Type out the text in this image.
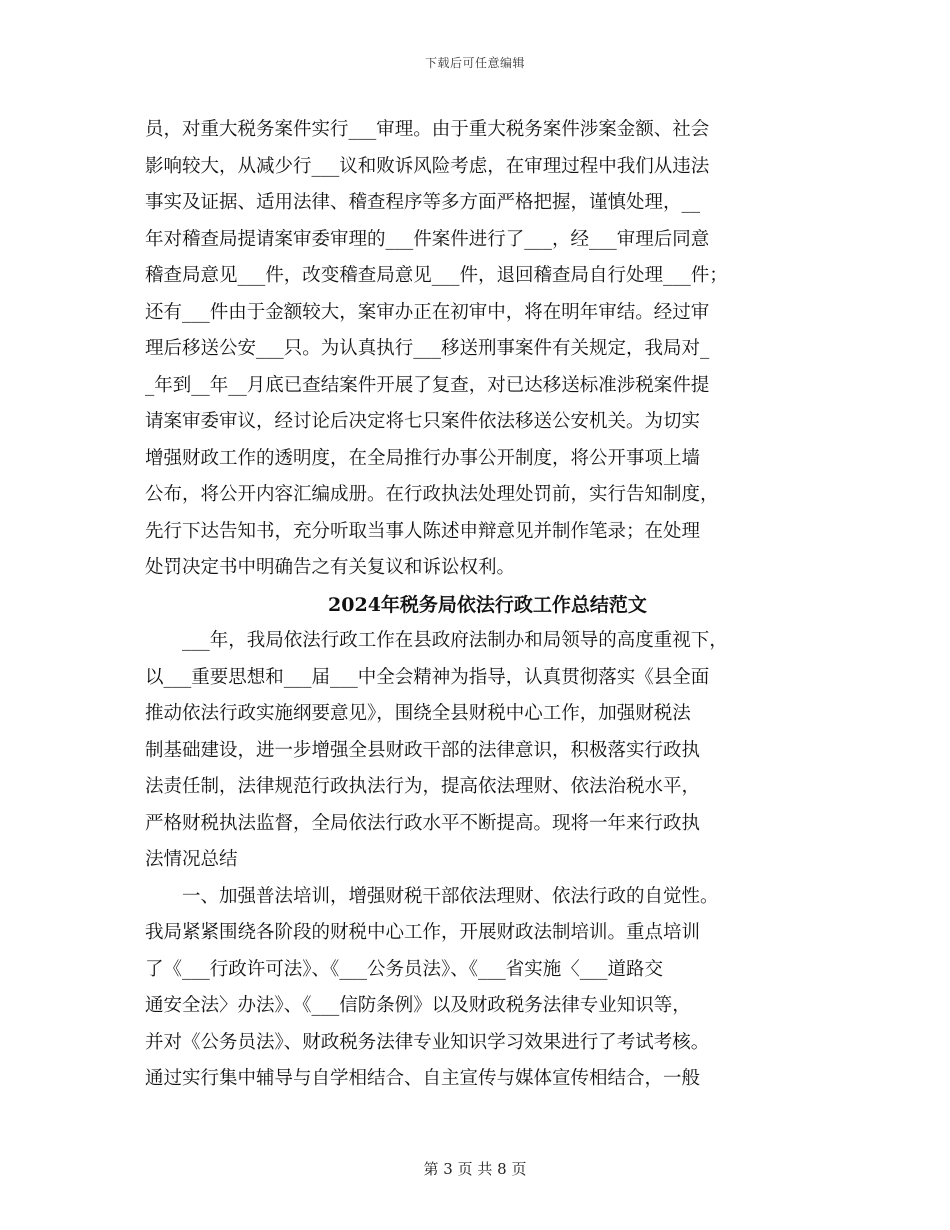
下载后可任意编辑
员，对重大税务案件实行___审理。由于重大税务案件涉案金额、社会
影响较大，从减少行___议和败诉风险考虑，在审理过程中我们从违法
事实及证据、适用法律、稽查程序等多方面严格把握，谨慎处理，__
年对稽查局提请案审委审理的___件案件进行了___，经___审理后同意
稽查局意见___件，改变稽查局意见___件，退回稽查局自行处理___件；
还有___件由于金额较大，案审办正在初审中，将在明年审结。经过审
理后移送公安___只。为认真执行___移送刑事案件有关规定，我局对_
_年到__年__月底已查结案件开展了复查，对已达移送标准涉税案件提
请案审委审议，经讨论后决定将七只案件依法移送公安机关。为切实
增强财政工作的透明度，在全局推行办事公开制度，将公开事项上墙
公布，将公开内容汇编成册。在行政执法处理处罚前，实行告知制度，
先行下达告知书，充分听取当事人陈述申辩意见并制作笔录；在处理
处罚决定书中明确告之有关复议和诉讼权利。
2024年税务局依法行政工作总结范文
　　___年，我局依法行政工作在县政府法制办和局领导的高度重视下，
以___重要思想和___届___中全会精神为指导，认真贯彻落实《县全面
推动依法行政实施纲要意见》，围绕全县财税中心工作，加强财税法
制基础建设，进一步增强全县财政干部的法律意识，积极落实行政执
法责任制，法律规范行政执法行为，提高依法理财、依法治税水平，
严格财税执法监督，全局依法行政水平不断提高。现将一年来行政执
法情况总结
　　一、加强普法培训，增强财税干部依法理财、依法行政的自觉性。
我局紧紧围绕各阶段的财税中心工作，开展财政法制培训。重点培训
了《___行政许可法》、《___公务员法》、《___省实施〈___道路交
通安全法〉办法》、《___信防条例》以及财政税务法律专业知识等，
并对《公务员法》、财政税务法律专业知识学习效果进行了考试考核。
通过实行集中辅导与自学相结合、自主宣传与媒体宣传相结合，一般
第 3 页 共 8 页
